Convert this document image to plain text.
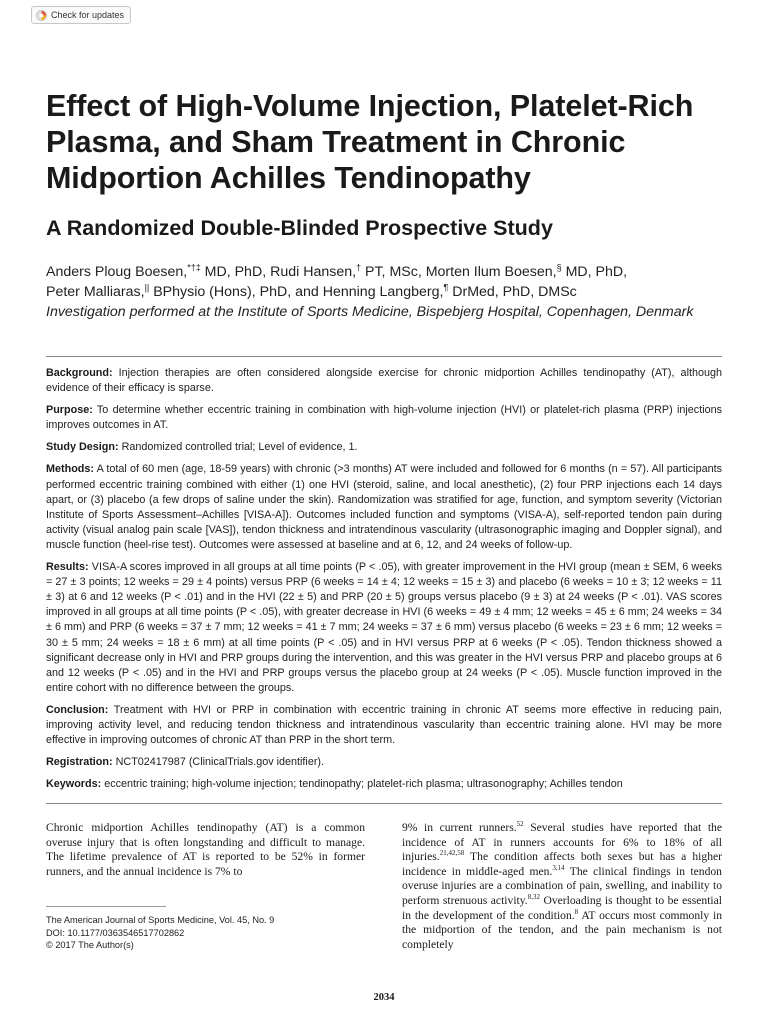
Check for updates
Effect of High-Volume Injection, Platelet-Rich Plasma, and Sham Treatment in Chronic Midportion Achilles Tendinopathy
A Randomized Double-Blinded Prospective Study
Anders Ploug Boesen,*†‡ MD, PhD, Rudi Hansen,† PT, MSc, Morten Ilum Boesen,§ MD, PhD,
Peter Malliaras,|| BPhysio (Hons), PhD, and Henning Langberg,¶ DrMed, PhD, DMSc
Investigation performed at the Institute of Sports Medicine, Bispebjerg Hospital, Copenhagen, Denmark

Background: Injection therapies are often considered alongside exercise for chronic midportion Achilles tendinopathy (AT), although evidence of their efficacy is sparse.

Purpose: To determine whether eccentric training in combination with high-volume injection (HVI) or platelet-rich plasma (PRP) injections improves outcomes in AT.

Study Design: Randomized controlled trial; Level of evidence, 1.

Methods: A total of 60 men (age, 18-59 years) with chronic (>3 months) AT were included and followed for 6 months (n = 57). All participants performed eccentric training combined with either (1) one HVI (steroid, saline, and local anesthetic), (2) four PRP injections each 14 days apart, or (3) placebo (a few drops of saline under the skin). Randomization was stratified for age, function, and symptom severity (Victorian Institute of Sports Assessment–Achilles [VISA-A]). Outcomes included function and symptoms (VISA-A), self-reported tendon pain during activity (visual analog pain scale [VAS]), tendon thickness and intratendinous vascularity (ultrasonographic imaging and Doppler signal), and muscle function (heel-rise test). Outcomes were assessed at baseline and at 6, 12, and 24 weeks of follow-up.

Results: VISA-A scores improved in all groups at all time points (P < .05), with greater improvement in the HVI group (mean ± SEM, 6 weeks = 27 ± 3 points; 12 weeks = 29 ± 4 points) versus PRP (6 weeks = 14 ± 4; 12 weeks = 15 ± 3) and placebo (6 weeks = 10 ± 3; 12 weeks = 11 ± 3) at 6 and 12 weeks (P < .01) and in the HVI (22 ± 5) and PRP (20 ± 5) groups versus placebo (9 ± 3) at 24 weeks (P < .01). VAS scores improved in all groups at all time points (P < .05), with greater decrease in HVI (6 weeks = 49 ± 4 mm; 12 weeks = 45 ± 6 mm; 24 weeks = 34 ± 6 mm) and PRP (6 weeks = 37 ± 7 mm; 12 weeks = 41 ± 7 mm; 24 weeks = 37 ± 6 mm) versus placebo (6 weeks = 23 ± 6 mm; 12 weeks = 30 ± 5 mm; 24 weeks = 18 ± 6 mm) at all time points (P < .05) and in HVI versus PRP at 6 weeks (P < .05). Tendon thickness showed a significant decrease only in HVI and PRP groups during the intervention, and this was greater in the HVI versus PRP and placebo groups at 6 and 12 weeks (P < .05) and in the HVI and PRP groups versus the placebo group at 24 weeks (P < .05). Muscle function improved in the entire cohort with no difference between the groups.

Conclusion: Treatment with HVI or PRP in combination with eccentric training in chronic AT seems more effective in reducing pain, improving activity level, and reducing tendon thickness and intratendinous vascularity than eccentric training alone. HVI may be more effective in improving outcomes of chronic AT than PRP in the short term.

Registration: NCT02417987 (ClinicalTrials.gov identifier).

Keywords: eccentric training; high-volume injection; tendinopathy; platelet-rich plasma; ultrasonography; Achilles tendon

Chronic midportion Achilles tendinopathy (AT) is a common overuse injury that is often longstanding and difficult to manage. The lifetime prevalence of AT is reported to be 52% in former runners, and the annual incidence is 7% to

9% in current runners.$^{52}$ Several studies have reported that the incidence of AT in runners accounts for 6% to 18% of all injuries.$^{21,42,58}$ The condition affects both sexes but has a higher incidence in middle-aged men.$^{3,14}$ The clinical findings in tendon overuse injuries are a combination of pain, swelling, and inability to perform strenuous activity.$^{8,32}$ Overloading is thought to be essential in the development of the condition.$^8$ AT occurs most commonly in the midportion of the tendon, and the pain mechanism is not completely

The American Journal of Sports Medicine, Vol. 45, No. 9
DOI: 10.1177/0363546517702862
© 2017 The Author(s)
2034
